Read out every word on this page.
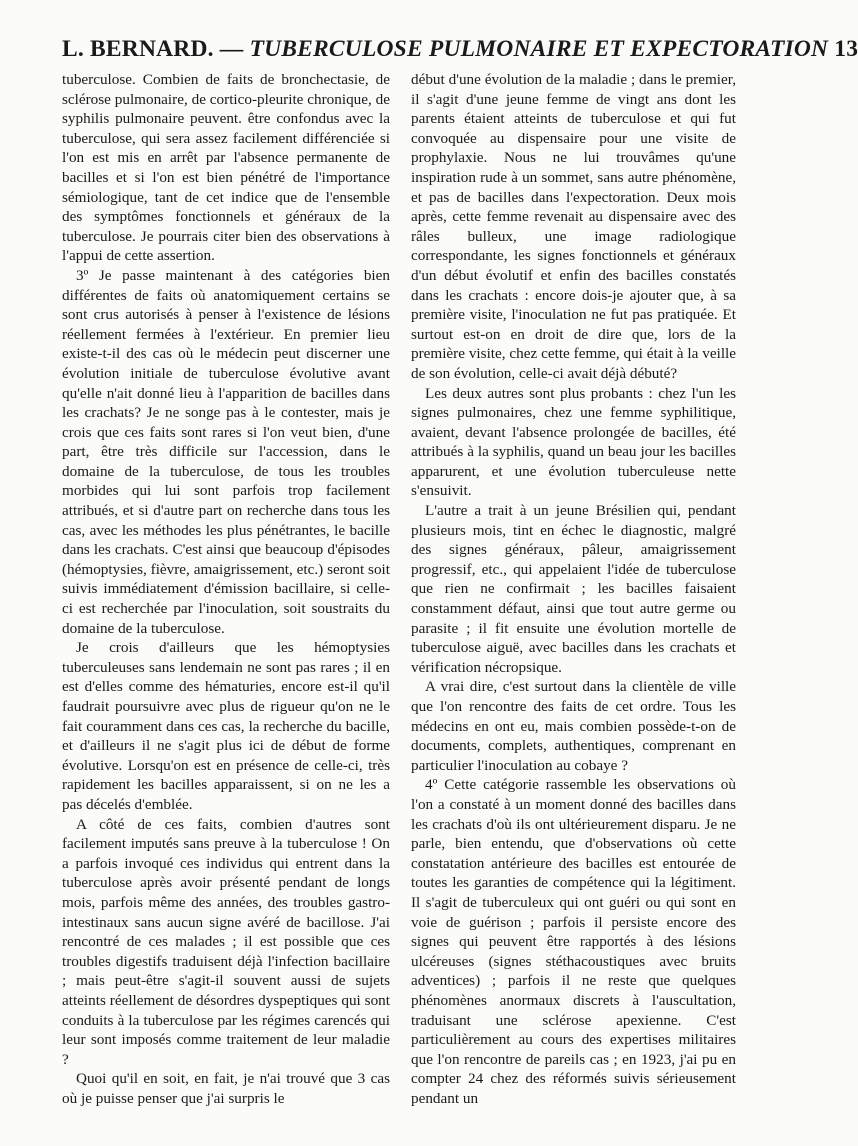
L. BERNARD. — TUBERCULOSE PULMONAIRE ET EXPECTORATION 13

tuberculose. Combien de faits de bronchectasie, de sclérose pulmonaire, de cortico-pleurite chronique, de syphilis pulmonaire peuvent. être confondus avec la tuberculose, qui sera assez facilement différenciée si l'on est mis en arrêt par l'absence permanente de bacilles et si l'on est bien pénétré de l'importance sémiologique, tant de cet indice que de l'ensemble des symptômes fonctionnels et généraux de la tuberculose. Je pourrais citer bien des observations à l'appui de cette assertion.

3º Je passe maintenant à des catégories bien différentes de faits où anatomiquement certains se sont crus autorisés à penser à l'existence de lésions réellement fermées à l'extérieur. En premier lieu existe-t-il des cas où le médecin peut discerner une évolution initiale de tuberculose évolutive avant qu'elle n'ait donné lieu à l'apparition de bacilles dans les crachats? Je ne songe pas à le contester, mais je crois que ces faits sont rares si l'on veut bien, d'une part, être très difficile sur l'accession, dans le domaine de la tuberculose, de tous les troubles morbides qui lui sont parfois trop facilement attribués, et si d'autre part on recherche dans tous les cas, avec les méthodes les plus pénétrantes, le bacille dans les crachats. C'est ainsi que beaucoup d'épisodes (hémoptysies, fièvre, amaigrissement, etc.) seront soit suivis immédiatement d'émission bacillaire, si celle-ci est recherchée par l'inoculation, soit soustraits du domaine de la tuberculose.

Je crois d'ailleurs que les hémoptysies tuberculeuses sans lendemain ne sont pas rares ; il en est d'elles comme des hématuries, encore est-il qu'il faudrait poursuivre avec plus de rigueur qu'on ne le fait couramment dans ces cas, la recherche du bacille, et d'ailleurs il ne s'agit plus ici de début de forme évolutive. Lorsqu'on est en présence de celle-ci, très rapidement les bacilles apparaissent, si on ne les a pas décelés d'emblée.

A côté de ces faits, combien d'autres sont facilement imputés sans preuve à la tuberculose ! On a parfois invoqué ces individus qui entrent dans la tuberculose après avoir présenté pendant de longs mois, parfois même des années, des troubles gastro-intestinaux sans aucun signe avéré de bacillose. J'ai rencontré de ces malades ; il est possible que ces troubles digestifs traduisent déjà l'infection bacillaire ; mais peut-être s'agit-il souvent aussi de sujets atteints réellement de désordres dyspeptiques qui sont conduits à la tuberculose par les régimes carencés qui leur sont imposés comme traitement de leur maladie ?

Quoi qu'il en soit, en fait, je n'ai trouvé que 3 cas où je puisse penser que j'ai surpris le

début d'une évolution de la maladie ; dans le premier, il s'agit d'une jeune femme de vingt ans dont les parents étaient atteints de tuberculose et qui fut convoquée au dispensaire pour une visite de prophylaxie. Nous ne lui trouvâmes qu'une inspiration rude à un sommet, sans autre phénomène, et pas de bacilles dans l'expectoration. Deux mois après, cette femme revenait au dispensaire avec des râles bulleux, une image radiologique correspondante, les signes fonctionnels et généraux d'un début évolutif et enfin des bacilles constatés dans les crachats : encore dois-je ajouter que, à sa première visite, l'inoculation ne fut pas pratiquée. Et surtout est-on en droit de dire que, lors de la première visite, chez cette femme, qui était à la veille de son évolution, celle-ci avait déjà débuté?

Les deux autres sont plus probants : chez l'un les signes pulmonaires, chez une femme syphilitique, avaient, devant l'absence prolongée de bacilles, été attribués à la syphilis, quand un beau jour les bacilles apparurent, et une évolution tuberculeuse nette s'ensuivit.

L'autre a trait à un jeune Brésilien qui, pendant plusieurs mois, tint en échec le diagnostic, malgré des signes généraux, pâleur, amaigrissement progressif, etc., qui appelaient l'idée de tuberculose que rien ne confirmait ; les bacilles faisaient constamment défaut, ainsi que tout autre germe ou parasite ; il fit ensuite une évolution mortelle de tuberculose aiguë, avec bacilles dans les crachats et vérification nécropsique.

A vrai dire, c'est surtout dans la clientèle de ville que l'on rencontre des faits de cet ordre. Tous les médecins en ont eu, mais combien possède-t-on de documents, complets, authentiques, comprenant en particulier l'inoculation au cobaye ?

4º Cette catégorie rassemble les observations où l'on a constaté à un moment donné des bacilles dans les crachats d'où ils ont ultérieurement disparu. Je ne parle, bien entendu, que d'observations où cette constatation antérieure des bacilles est entourée de toutes les garanties de compétence qui la légitiment. Il s'agit de tuberculeux qui ont guéri ou qui sont en voie de guérison ; parfois il persiste encore des signes qui peuvent être rapportés à des lésions ulcéreuses (signes stéthacoustiques avec bruits adventices) ; parfois il ne reste que quelques phénomènes anormaux discrets à l'auscultation, traduisant une sclérose apexienne. C'est particulièrement au cours des expertises militaires que l'on rencontre de pareils cas ; en 1923, j'ai pu en compter 24 chez des réformés suivis sérieusement pendant un
